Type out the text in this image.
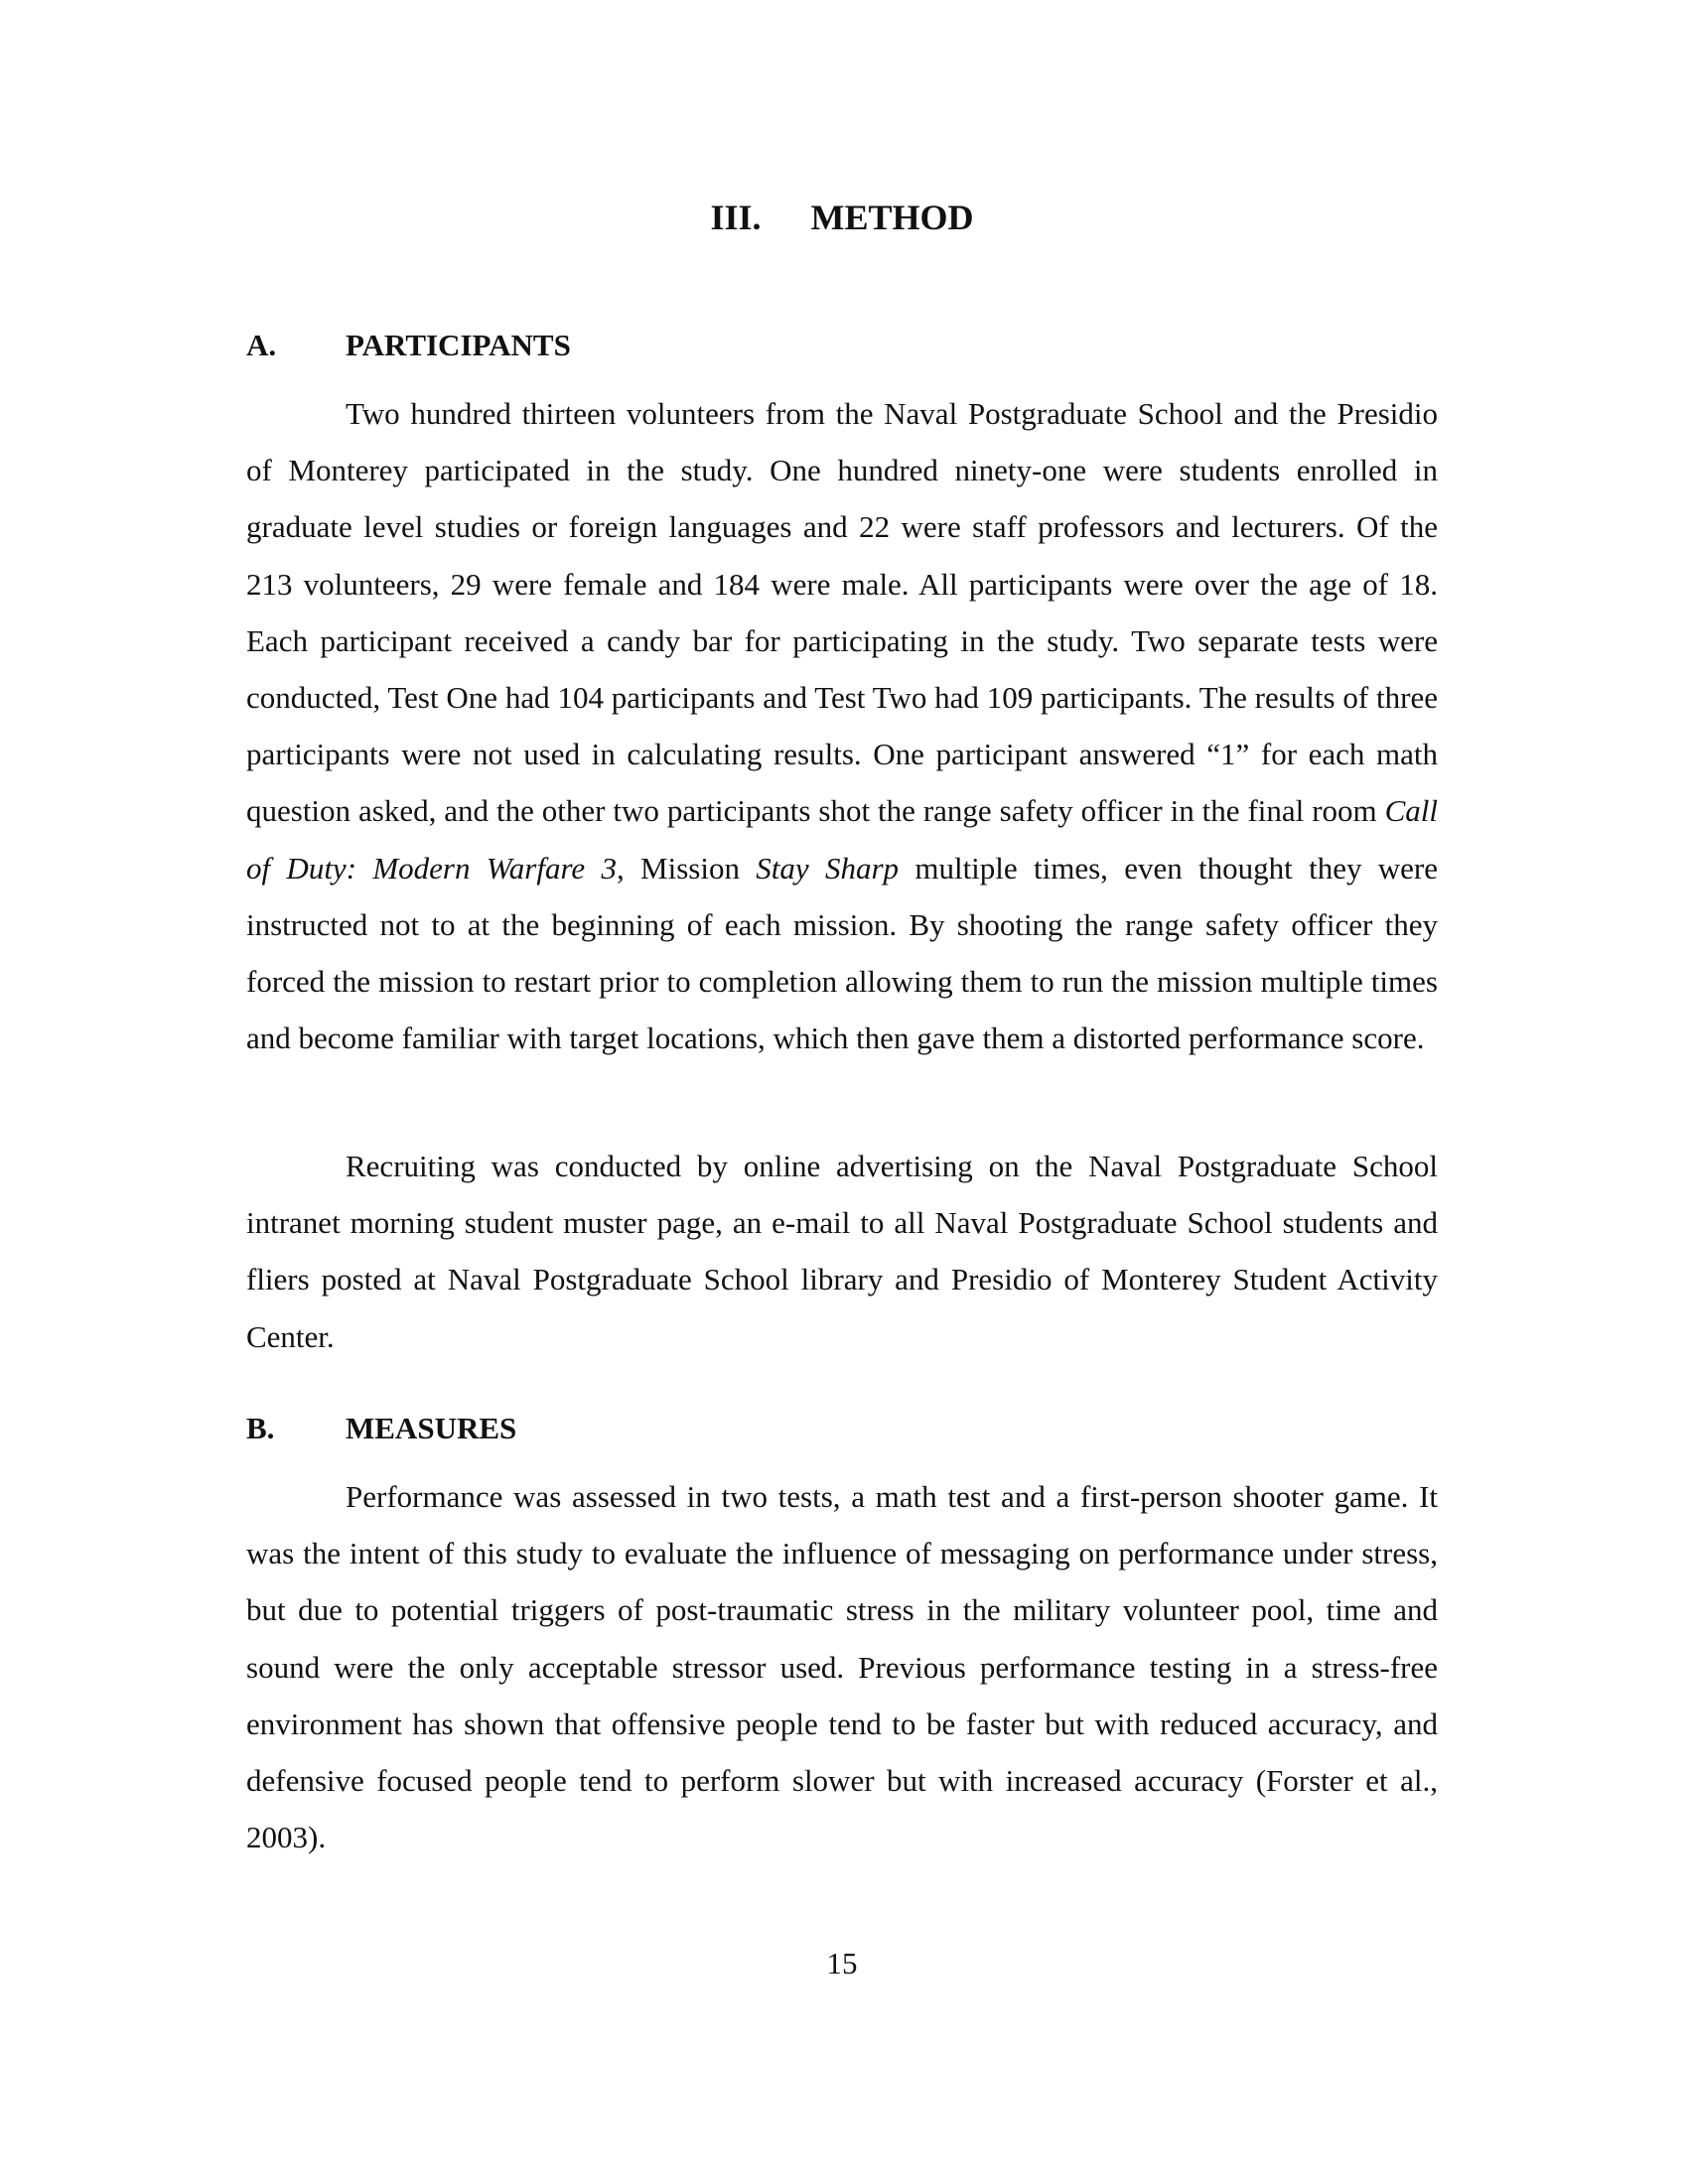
III. METHOD
A. PARTICIPANTS

Two hundred thirteen volunteers from the Naval Postgraduate School and the Presidio of Monterey participated in the study. One hundred ninety-one were students enrolled in graduate level studies or foreign languages and 22 were staff professors and lecturers. Of the 213 volunteers, 29 were female and 184 were male. All participants were over the age of 18. Each participant received a candy bar for participating in the study. Two separate tests were conducted, Test One had 104 participants and Test Two had 109 participants. The results of three participants were not used in calculating results. One participant answered “1” for each math question asked, and the other two participants shot the range safety officer in the final room Call of Duty: Modern Warfare 3, Mission Stay Sharp multiple times, even thought they were instructed not to at the beginning of each mission. By shooting the range safety officer they forced the mission to restart prior to completion allowing them to run the mission multiple times and become familiar with target locations, which then gave them a distorted performance score.

Recruiting was conducted by online advertising on the Naval Postgraduate School intranet morning student muster page, an e-mail to all Naval Postgraduate School students and fliers posted at Naval Postgraduate School library and Presidio of Monterey Student Activity Center.

B. MEASURES

Performance was assessed in two tests, a math test and a first-person shooter game. It was the intent of this study to evaluate the influence of messaging on performance under stress, but due to potential triggers of post-traumatic stress in the military volunteer pool, time and sound were the only acceptable stressor used. Previous performance testing in a stress-free environment has shown that offensive people tend to be faster but with reduced accuracy, and defensive focused people tend to perform slower but with increased accuracy (Forster et al., 2003).

15
